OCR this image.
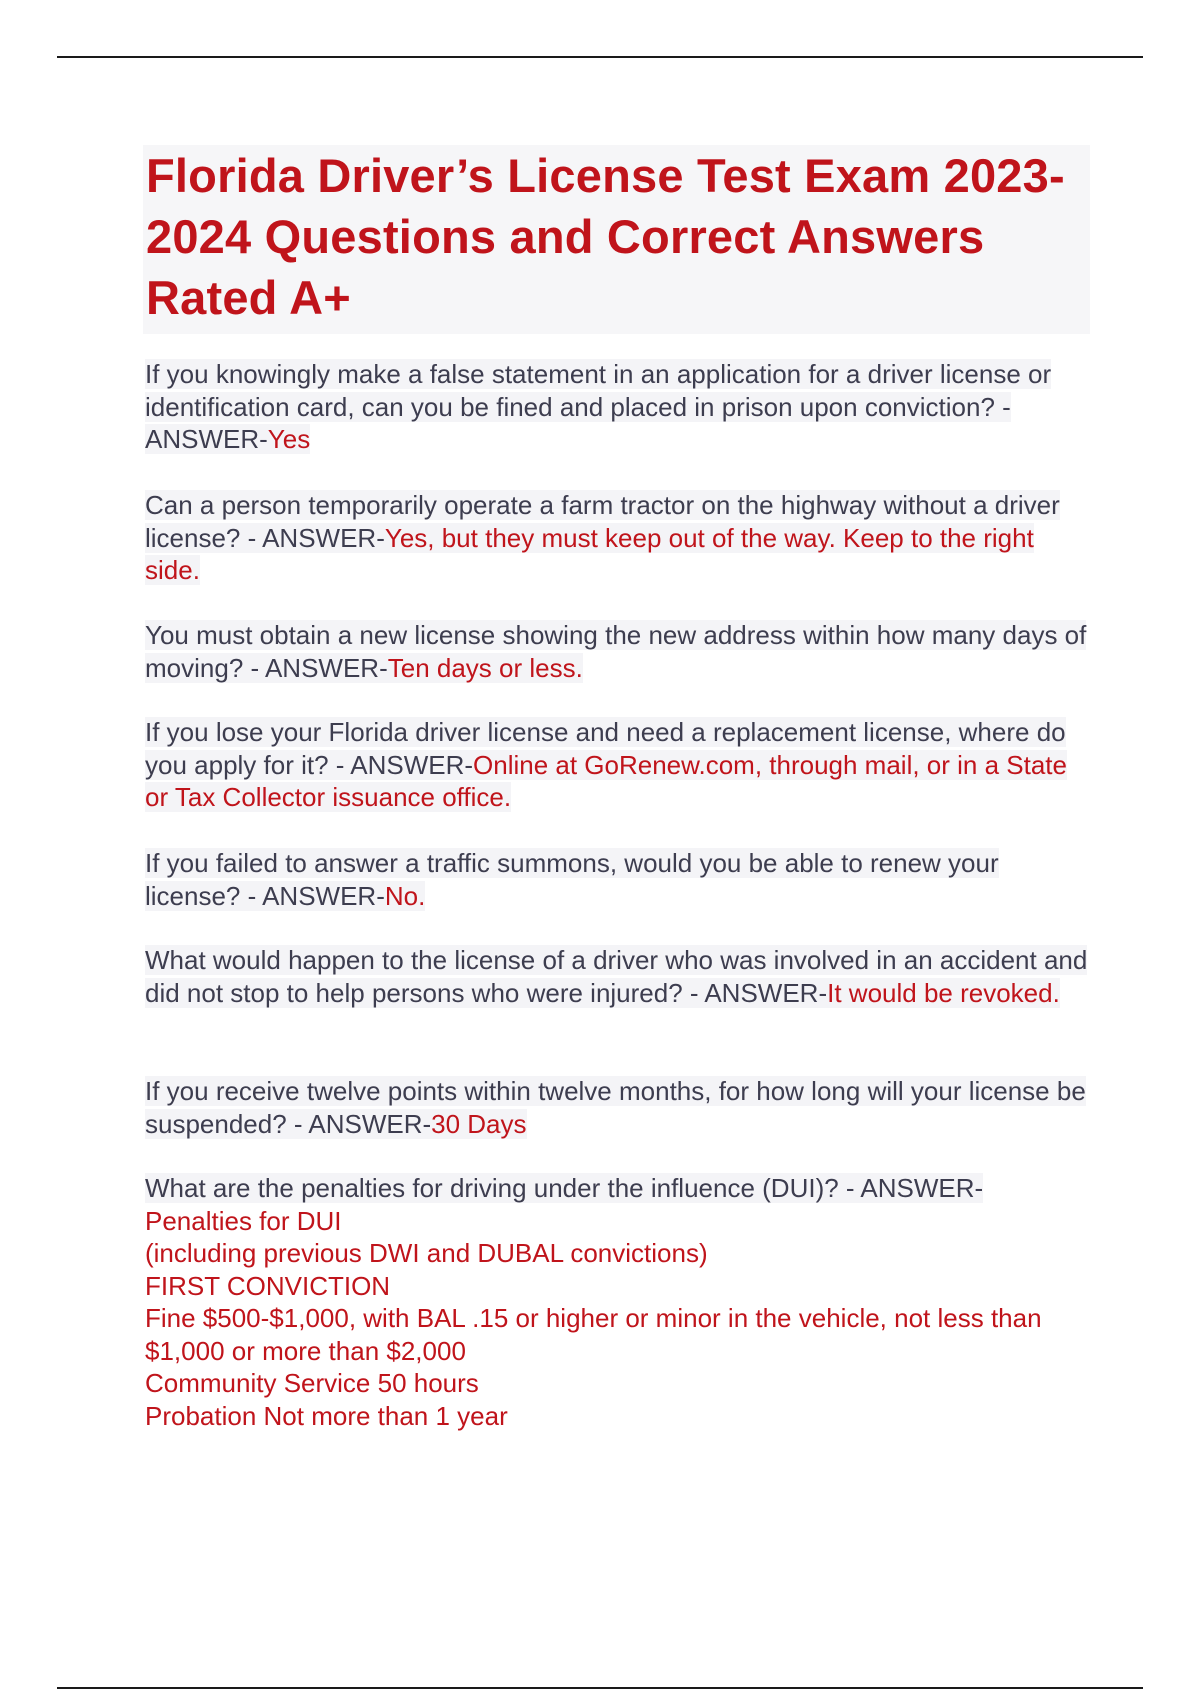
Florida Driver’s License Test Exam 2023-2024 Questions and Correct Answers Rated A+
If you knowingly make a false statement in an application for a driver license or identification card, can you be fined and placed in prison upon conviction? - ANSWER-Yes
Can a person temporarily operate a farm tractor on the highway without a driver license? - ANSWER-Yes, but they must keep out of the way. Keep to the right side.
You must obtain a new license showing the new address within how many days of moving? - ANSWER-Ten days or less.
If you lose your Florida driver license and need a replacement license, where do you apply for it? - ANSWER-Online at GoRenew.com, through mail, or in a State or Tax Collector issuance office.
If you failed to answer a traffic summons, would you be able to renew your license? - ANSWER-No.
What would happen to the license of a driver who was involved in an accident and did not stop to help persons who were injured? - ANSWER-It would be revoked.
If you receive twelve points within twelve months, for how long will your license be suspended? - ANSWER-30 Days
What are the penalties for driving under the influence (DUI)? - ANSWER-
Penalties for DUI
(including previous DWI and DUBAL convictions)
FIRST CONVICTION
Fine $500-$1,000, with BAL .15 or higher or minor in the vehicle, not less than $1,000 or more than $2,000
Community Service 50 hours
Probation Not more than 1 year
